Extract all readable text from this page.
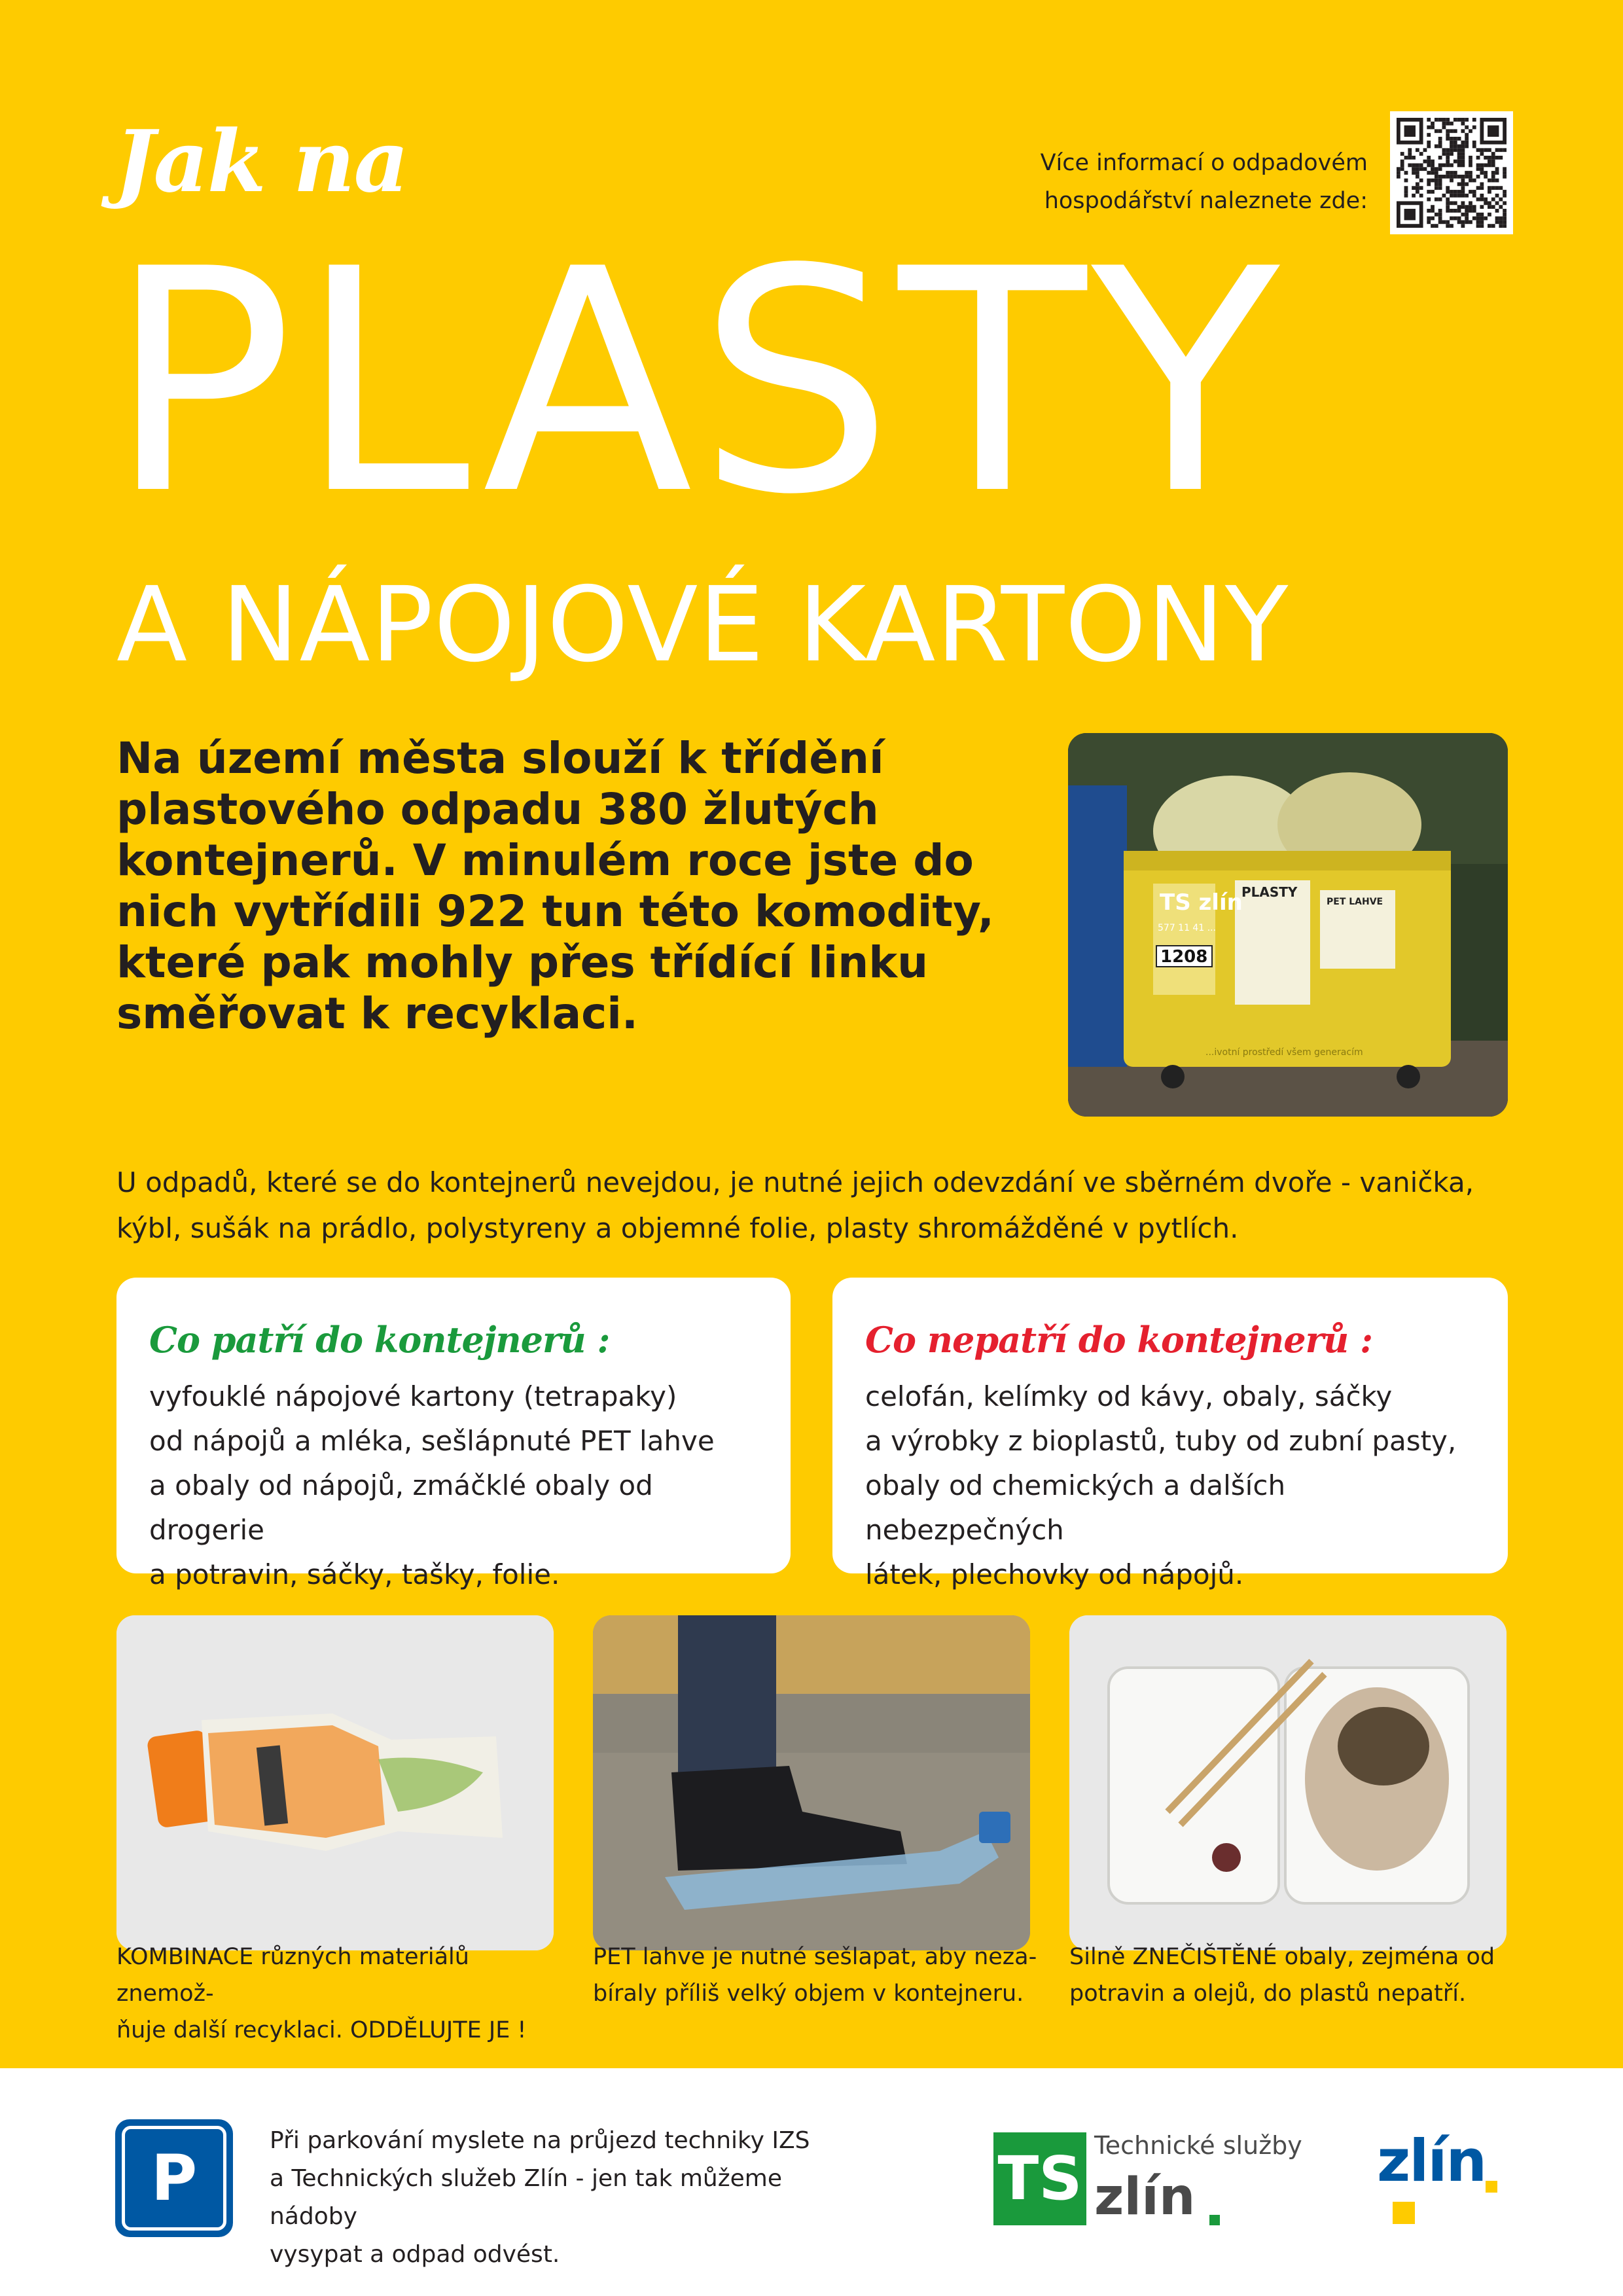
Jak na	Více informací o odpadovém
hospodářství naleznete zde:
PLASTY
A NÁPOJOVÉ KARTONY
Na území města slouží k třídění plastového odpadu 380 žlutých kontejnerů. V minulém roce jste do nich vytřídili 922 tun této komodity, které pak mohly přes třídící linku směřovat k recyklaci.
TS zlín
577 11 41 ...
1208
PLASTY
PET LAHVE
...ivotní prostředí všem generacím
U odpadů, které se do kontejnerů nevejdou, je nutné jejich odevzdání ve sběrném dvoře - vanička, kýbl, sušák na prádlo, polystyreny a objemné folie, plasty shromážděné v pytlích.
Co patří do kontejnerů :
vyfouklé nápojové kartony (tetrapaky)
od nápojů a mléka, sešlápnuté PET lahve
a obaly od nápojů, zmáčklé obaly od drogerie
a potravin, sáčky, tašky, folie.
Co nepatří do kontejnerů :
celofán, kelímky od kávy, obaly, sáčky
a výrobky z bioplastů, tuby od zubní pasty,
obaly od chemických a dalších nebezpečných
látek, plechovky od nápojů.
KOMBINACE různých materiálů znemož-
ňuje další recyklaci. ODDĚLUJTE JE !
PET lahve je nutné sešlapat, aby neza-
bíraly příliš velký objem v kontejneru.
Silně ZNEČIŠTĚNÉ obaly, zejména od
potravin a olejů, do plastů nepatří.
P
Při parkování myslete na průjezd techniky IZS
a Technických služeb Zlín - jen tak můžeme nádoby
vysypat a odpad odvést.
TS Technické služby
zlín
zlín
